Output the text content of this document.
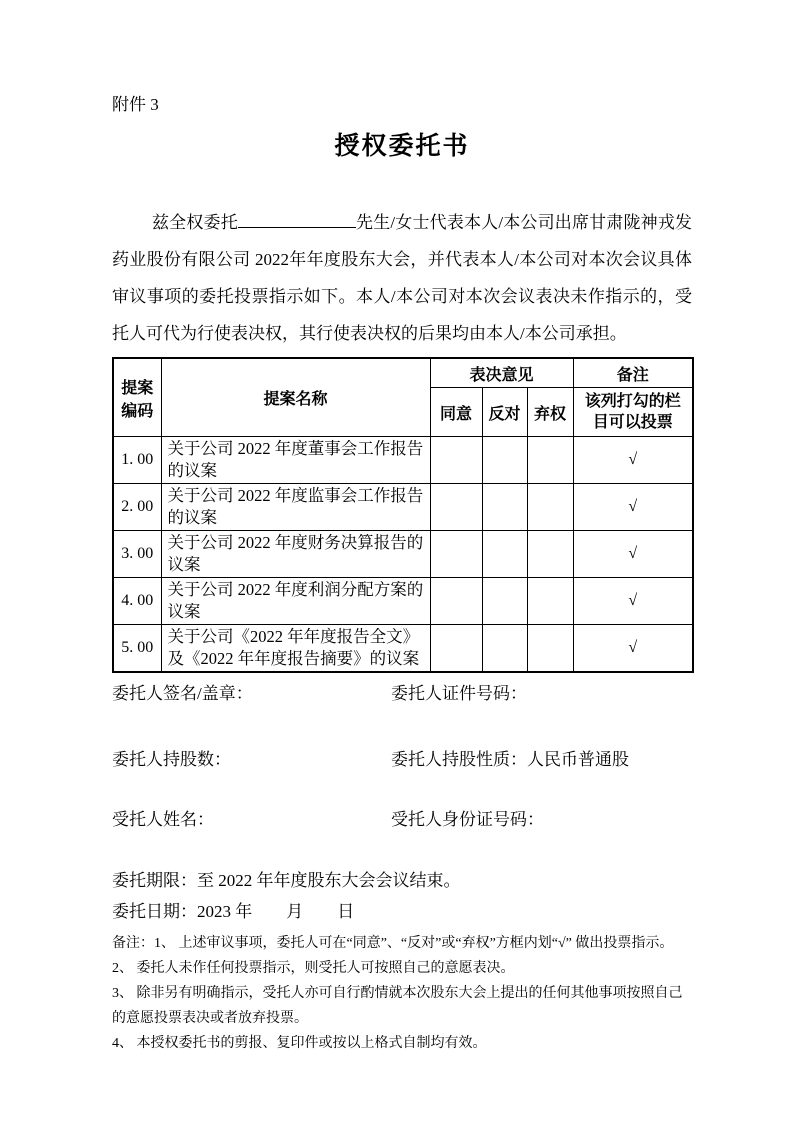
附件 3
授权委托书

兹全权委托	先生/女士代表本人/本公司出席甘肃陇神戎发药业股份有限公司 2022年年度股东大会，并代表本人/本公司对本次会议具体审议事项的委托投票指示如下。本人/本公司对本次会议表决未作指示的，受托人可代为行使表决权，其行使表决权的后果均由本人/本公司承担。

提案编码	提案名称	表决意见			备注
		同意	反对	弃权	该列打勾的栏目可以投票
1. 00	关于公司 2022 年度董事会工作报告的议案				√
2. 00	关于公司 2022 年度监事会工作报告的议案				√
3. 00	关于公司 2022 年度财务决算报告的议案				√
4. 00	关于公司 2022 年度利润分配方案的议案				√
5. 00	关于公司《2022 年年度报告全文》及《2022 年年度报告摘要》的议案				√
委托人签名/盖章：	委托人证件号码：
委托人持股数：	委托人持股性质：人民币普通股
受托人姓名：	受托人身份证号码：
委托期限：至 2022 年年度股东大会会议结束。
委托日期：2023 年　　月　　日
备注：1、 上述审议事项，委托人可在“同意”、“反对”或“弃权”方框内划“√” 做出投票指示。
2、 委托人未作任何投票指示，则受托人可按照自己的意愿表决。
3、 除非另有明确指示，受托人亦可自行酌情就本次股东大会上提出的任何其他事项按照自己的意愿投票表决或者放弃投票。
4、 本授权委托书的剪报、复印件或按以上格式自制均有效。
